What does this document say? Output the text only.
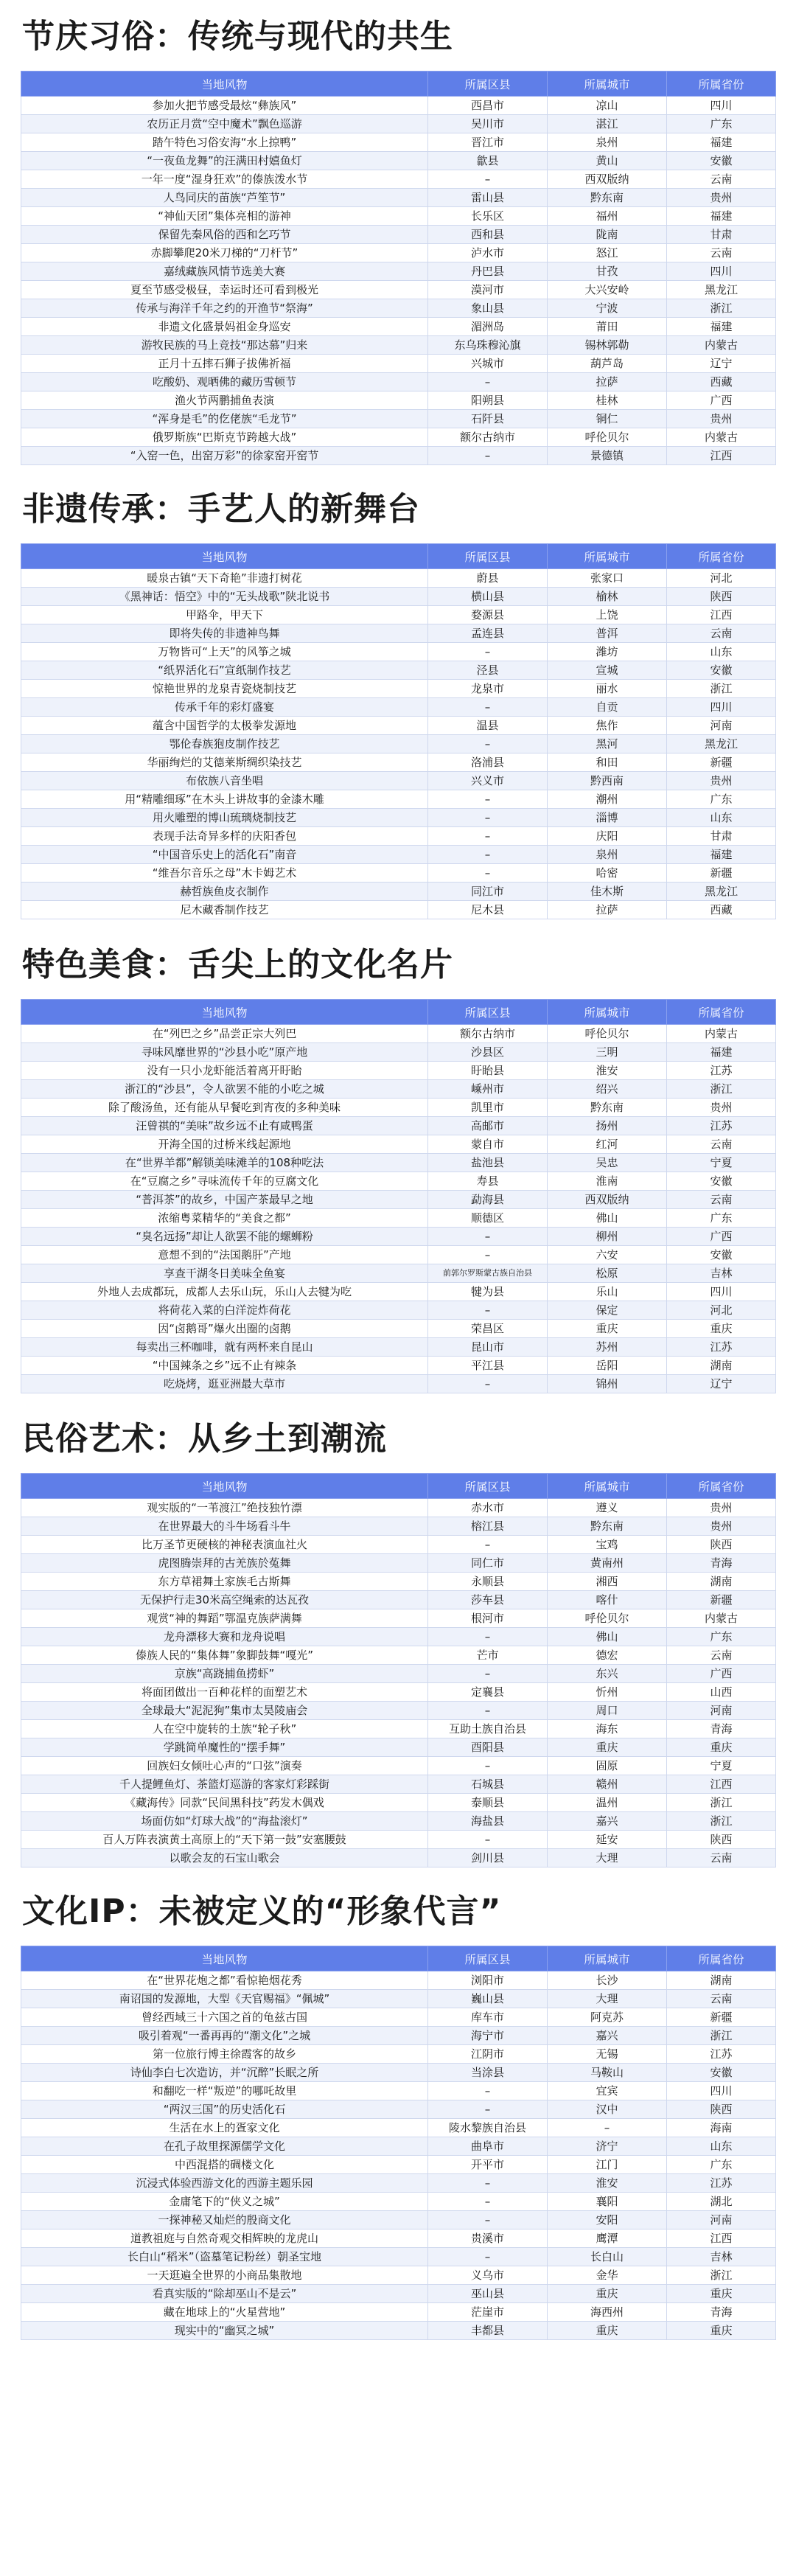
节庆习俗：传统与现代的共生
当地风物	所属区县	所属城市	所属省份
参加火把节感受最炫“彝族风”	西昌市	凉山	四川
农历正月赏“空中魔术”飘色巡游	吴川市	湛江	广东
踏午特色习俗安海“水上掠鸭”	晋江市	泉州	福建
“一夜鱼龙舞”的汪满田村嬉鱼灯	歙县	黄山	安徽
一年一度“湿身狂欢”的傣族泼水节	–	西双版纳	云南
人鸟同庆的苗族“芦笙节”	雷山县	黔东南	贵州
“神仙天团”集体亮相的游神	长乐区	福州	福建
保留先秦风俗的西和乞巧节	西和县	陇南	甘肃
赤脚攀爬20米刀梯的“刀杆节”	泸水市	怒江	云南
嘉绒藏族风情节选美大赛	丹巴县	甘孜	四川
夏至节感受极昼，幸运时还可看到极光	漠河市	大兴安岭	黑龙江
传承与海洋千年之约的开渔节“祭海”	象山县	宁波	浙江
非遗文化盛景妈祖金身巡安	湄洲岛	莆田	福建
游牧民族的马上竞技“那达慕”归来	东乌珠穆沁旗	锡林郭勒	内蒙古
正月十五摔石狮子拔佛祈福	兴城市	葫芦岛	辽宁
吃酸奶、观晒佛的藏历雪顿节	–	拉萨	西藏
渔火节两鹏捕鱼表演	阳朔县	桂林	广西
“浑身是毛”的仡佬族“毛龙节”	石阡县	铜仁	贵州
俄罗斯族“巴斯克节跨越大战”	额尔古纳市	呼伦贝尔	内蒙古
“入窑一色，出窑万彩”的徐家窑开窑节	–	景德镇	江西
非遗传承：手艺人的新舞台
当地风物	所属区县	所属城市	所属省份
暖泉古镇“天下奇艳”非遗打树花	蔚县	张家口	河北
《黑神话：悟空》中的“无头战歌”陕北说书	横山县	榆林	陕西
甲路伞，甲天下	婺源县	上饶	江西
即将失传的非遗神鸟舞	孟连县	普洱	云南
万物皆可“上天”的风筝之城	–	潍坊	山东
“纸界活化石”宣纸制作技艺	泾县	宣城	安徽
惊艳世界的龙泉青瓷烧制技艺	龙泉市	丽水	浙江
传承千年的彩灯盛宴	–	自贡	四川
蕴含中国哲学的太极拳发源地	温县	焦作	河南
鄂伦春族狍皮制作技艺	–	黑河	黑龙江
华丽绚烂的艾德莱斯绸织染技艺	洛浦县	和田	新疆
布依族八音坐唱	兴义市	黔西南	贵州
用“精雕细琢”在木头上讲故事的金漆木雕	–	潮州	广东
用火雕塑的博山琉璃烧制技艺	–	淄博	山东
表现手法奇异多样的庆阳香包	–	庆阳	甘肃
“中国音乐史上的活化石”南音	–	泉州	福建
“维吾尔音乐之母”木卡姆艺术	–	哈密	新疆
赫哲族鱼皮衣制作	同江市	佳木斯	黑龙江
尼木藏香制作技艺	尼木县	拉萨	西藏
特色美食：舌尖上的文化名片
当地风物	所属区县	所属城市	所属省份
在“列巴之乡”品尝正宗大列巴	额尔古纳市	呼伦贝尔	内蒙古
寻味风靡世界的“沙县小吃”原产地	沙县区	三明	福建
没有一只小龙虾能活着离开盱眙	盱眙县	淮安	江苏
浙江的“沙县”，令人欲罢不能的小吃之城	嵊州市	绍兴	浙江
除了酸汤鱼，还有能从早餐吃到宵夜的多种美味	凯里市	黔东南	贵州
汪曾祺的“美味”故乡远不止有咸鸭蛋	高邮市	扬州	江苏
开海全国的过桥米线起源地	蒙自市	红河	云南
在“世界羊都”解锁美味滩羊的108种吃法	盐池县	吴忠	宁夏
在“豆腐之乡”寻味流传千年的豆腐文化	寿县	淮南	安徽
“普洱茶”的故乡，中国产茶最早之地	勐海县	西双版纳	云南
浓缩粤菜精华的“美食之都”	顺德区	佛山	广东
“臭名远扬”却让人欲罢不能的螺蛳粉	–	柳州	广西
意想不到的“法国鹅肝”产地	–	六安	安徽
享查干湖冬日美味全鱼宴	前郭尔罗斯蒙古族自治县	松原	吉林
外地人去成都玩，成都人去乐山玩，乐山人去犍为吃	犍为县	乐山	四川
将荷花入菜的白洋淀炸荷花	–	保定	河北
因“卤鹅哥”爆火出圈的卤鹅	荣昌区	重庆	重庆
每卖出三杯咖啡，就有两杯来自昆山	昆山市	苏州	江苏
“中国辣条之乡”远不止有辣条	平江县	岳阳	湖南
吃烧烤，逛亚洲最大草市	–	锦州	辽宁
民俗艺术：从乡土到潮流
当地风物	所属区县	所属城市	所属省份
观实版的“一苇渡江”绝技独竹漂	赤水市	遵义	贵州
在世界最大的斗牛场看斗牛	榕江县	黔东南	贵州
比万圣节更硬核的神秘表演血社火	–	宝鸡	陕西
虎图腾崇拜的古羌族於菟舞	同仁市	黄南州	青海
东方草裙舞土家族毛古斯舞	永顺县	湘西	湖南
无保护行走30米高空绳索的达瓦孜	莎车县	喀什	新疆
观赏“神的舞蹈”鄂温克族萨满舞	根河市	呼伦贝尔	内蒙古
龙舟漂移大赛和龙舟说唱	–	佛山	广东
傣族人民的“集体舞”象脚鼓舞“嘎光”	芒市	德宏	云南
京族“高跷捕鱼捞虾”	–	东兴	广西
将面团做出一百种花样的面塑艺术	定襄县	忻州	山西
全球最大“泥泥狗”集市太昊陵庙会	–	周口	河南
人在空中旋转的土族“轮子秋”	互助土族自治县	海东	青海
学跳简单魔性的“摆手舞”	酉阳县	重庆	重庆
回族妇女倾吐心声的“口弦”演奏	–	固原	宁夏
千人提鲤鱼灯、茶篮灯巡游的客家灯彩踩街	石城县	赣州	江西
《藏海传》同款“民间黑科技”药发木偶戏	泰顺县	温州	浙江
场面仿如“灯球大战”的“海盐滚灯”	海盐县	嘉兴	浙江
百人万阵表演黄土高原上的“天下第一鼓”安塞腰鼓	–	延安	陕西
以歌会友的石宝山歌会	剑川县	大理	云南
文化IP：未被定义的“形象代言”
当地风物	所属区县	所属城市	所属省份
在“世界花炮之都”看惊艳烟花秀	浏阳市	长沙	湖南
南诏国的发源地，大型《天官赐福》“佩城”	巍山县	大理	云南
曾经西域三十六国之首的龟兹古国	库车市	阿克苏	新疆
吸引着观“一番再再的“潮文化”之城	海宁市	嘉兴	浙江
第一位旅行博主徐霞客的故乡	江阴市	无锡	江苏
诗仙李白七次造访，并“沉醉”长眠之所	当涂县	马鞍山	安徽
和翻吃一样“叛逆”的哪吒故里	–	宜宾	四川
“两汉三国”的历史活化石	–	汉中	陕西
生活在水上的疍家文化	陵水黎族自治县	–	海南
在孔子故里探源儒学文化	曲阜市	济宁	山东
中西混搭的碉楼文化	开平市	江门	广东
沉浸式体验西游文化的西游主题乐园	–	淮安	江苏
金庸笔下的“侠义之城”	–	襄阳	湖北
一探神秘又灿烂的殷商文化	–	安阳	河南
道教祖庭与自然奇观交相辉映的龙虎山	贵溪市	鹰潭	江西
长白山“稻米”（盗墓笔记粉丝）朝圣宝地	–	长白山	吉林
一天逛遍全世界的小商品集散地	义乌市	金华	浙江
看真实版的“除却巫山不是云”	巫山县	重庆	重庆
藏在地球上的“火星营地”	茫崖市	海西州	青海
现实中的“幽冥之城”	丰都县	重庆	重庆
